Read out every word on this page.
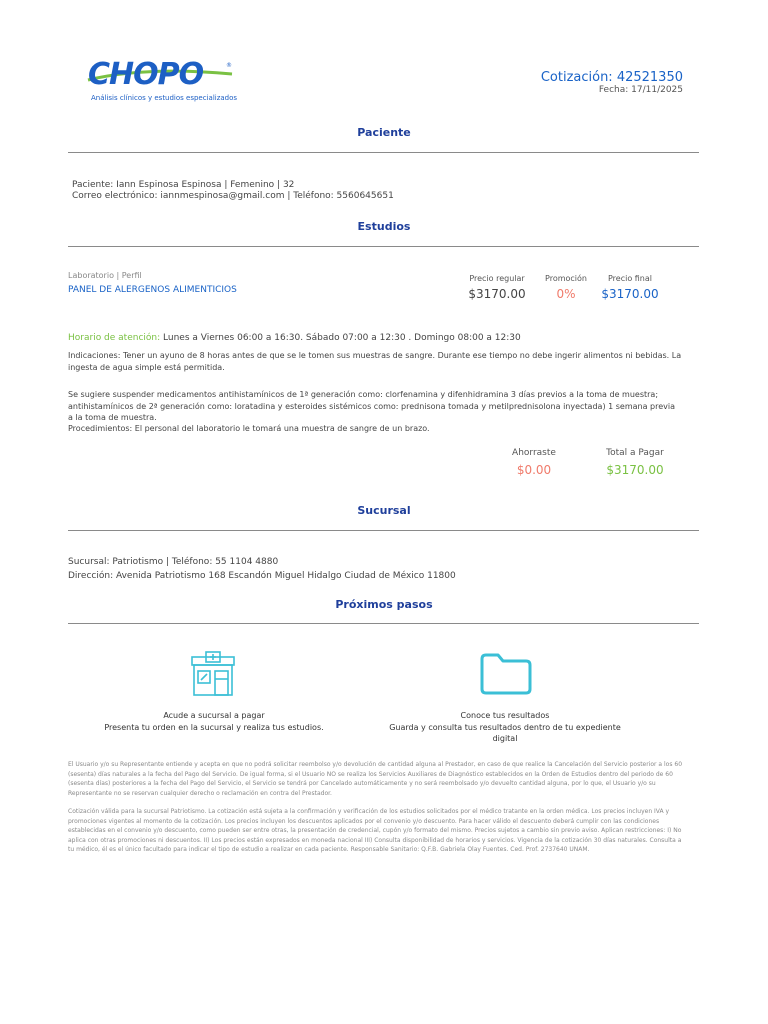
CHOPO	®
Análisis clínicos y estudios especializados
Cotización: 42521350
Fecha: 17/11/2025
Paciente
Paciente: Iann Espinosa Espinosa | Femenino | 32
Correo electrónico: iannmespinosa@gmail.com | Teléfono: 5560645651
Estudios
Laboratorio | Perfil
PANEL DE ALERGENOS ALIMENTICIOS
Precio regular	Promoción	Precio final
$3170.00	0%	$3170.00
Horario de atención: Lunes a Viernes 06:00 a 16:30. Sábado 07:00 a 12:30 . Domingo 08:00 a 12:30
Indicaciones: Tener un ayuno de 8 horas antes de que se le tomen sus muestras de sangre. Durante ese tiempo no debe ingerir alimentos ni bebidas. La
ingesta de agua simple está permitida.
Se sugiere suspender medicamentos antihistamínicos de 1ª generación como: clorfenamina y difenhidramina 3 días previos a la toma de muestra;
antihistamínicos de 2ª generación como: loratadina y esteroides sistémicos como: prednisona tomada y metilprednisolona inyectada) 1 semana previa
a la toma de muestra.
Procedimientos: El personal del laboratorio le tomará una muestra de sangre de un brazo.
Ahorraste	Total a Pagar
$0.00	$3170.00
Sucursal
Sucursal: Patriotismo | Teléfono: 55 1104 4880
Dirección: Avenida Patriotismo 168 Escandón Miguel Hidalgo Ciudad de México 11800
Próximos pasos
Acude a sucursal a pagar
Presenta tu orden en la sucursal y realiza tus estudios.
Conoce tus resultados
Guarda y consulta tus resultados dentro de tu expediente
digital
El Usuario y/o su Representante entiende y acepta en que no podrá solicitar reembolso y/o devolución de cantidad alguna al Prestador, en caso de que realice la Cancelación del Servicio posterior a los 60
(sesenta) días naturales a la fecha del Pago del Servicio. De igual forma, si el Usuario NO se realiza los Servicios Auxiliares de Diagnóstico establecidos en la Orden de Estudios dentro del periodo de 60
(sesenta días) posteriores a la fecha del Pago del Servicio, el Servicio se tendrá por Cancelado automáticamente y no será reembolsado y/o devuelto cantidad alguna, por lo que, el Usuario y/o su
Representante no se reservan cualquier derecho o reclamación en contra del Prestador.
Cotización válida para la sucursal Patriotismo. La cotización está sujeta a la confirmación y verificación de los estudios solicitados por el médico tratante en la orden médica. Los precios incluyen IVA y
promociones vigentes al momento de la cotización. Los precios incluyen los descuentos aplicados por el convenio y/o descuento. Para hacer válido el descuento deberá cumplir con las condiciones
establecidas en el convenio y/o descuento, como pueden ser entre otras, la presentación de credencial, cupón y/o formato del mismo. Precios sujetos a cambio sin previo aviso. Aplican restricciones: I) No
aplica con otras promociones ni descuentos. II) Los precios están expresados en moneda nacional III) Consulta disponibilidad de horarios y servicios. Vigencia de la cotización 30 días naturales. Consulta a
tu médico, él es el único facultado para indicar el tipo de estudio a realizar en cada paciente. Responsable Sanitario: Q.F.B. Gabriela Olay Fuentes. Ced. Prof. 2737640 UNAM.
